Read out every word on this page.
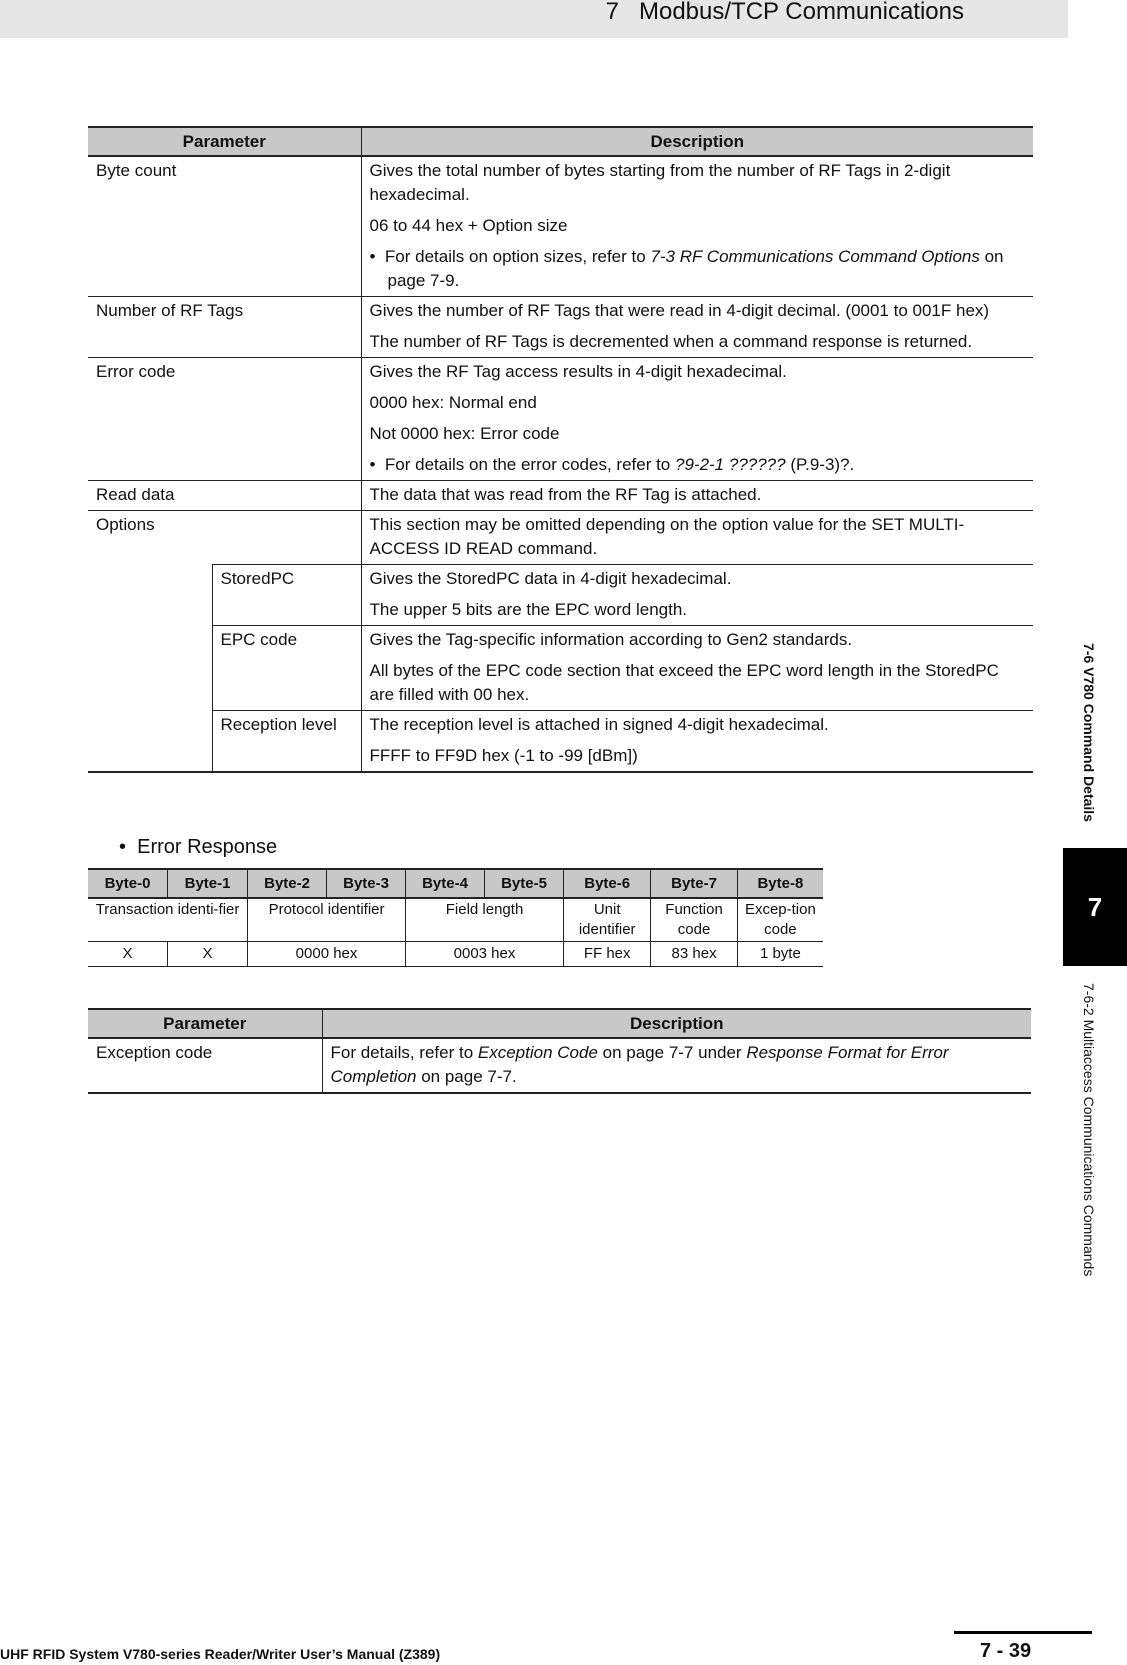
7   Modbus/TCP Communications
7-6 V780 Command Details
7
7-6-2 Multiaccess Communications Commands
Parameter		Description
Byte count		Gives the total number of bytes starting from the number of RF Tags in 2-digit hexadecimal.

06 to 44 hex + Option size

•  For details on option sizes, refer to 7-3 RF Communications Command Options on page 7-9.

Number of RF Tags		Gives the number of RF Tags that were read in 4-digit decimal. (0001 to 001F hex)

The number of RF Tags is decremented when a command response is returned.

Error code		Gives the RF Tag access results in 4-digit hexadecimal.

0000 hex: Normal end

Not 0000 hex: Error code

•  For details on the error codes, refer to ?9-2-1 ?????? (P.9-3)?.

Read data		The data that was read from the RF Tag is attached.

Options		This section may be omitted depending on the option value for the SET MULTI-ACCESS ID READ command.

	StoredPC	Gives the StoredPC data in 4-digit hexadecimal.

The upper 5 bits are the EPC word length.

	EPC code	Gives the Tag-specific information according to Gen2 standards.

All bytes of the EPC code section that exceed the EPC word length in the StoredPC are filled with 00 hex.

	Reception level	The reception level is attached in signed 4-digit hexadecimal.

FFFF to FF9D hex (-1 to -99 [dBm])

•  Error Response
Byte-0	Byte-1	Byte-2	Byte-3	Byte-4	Byte-5	Byte-6	Byte-7	Byte-8
Transaction identi-fier		Protocol identifier		Field length		Unit identifier	Function code	Excep-tion code
X	X	0000 hex		0003 hex		FF hex	83 hex	1 byte
Parameter	Description
Exception code	For details, refer to Exception Code on page 7-7 under Response Format for Error Completion on page 7-7.
UHF RFID System V780-series Reader/Writer User’s Manual (Z389)	7 - 39
